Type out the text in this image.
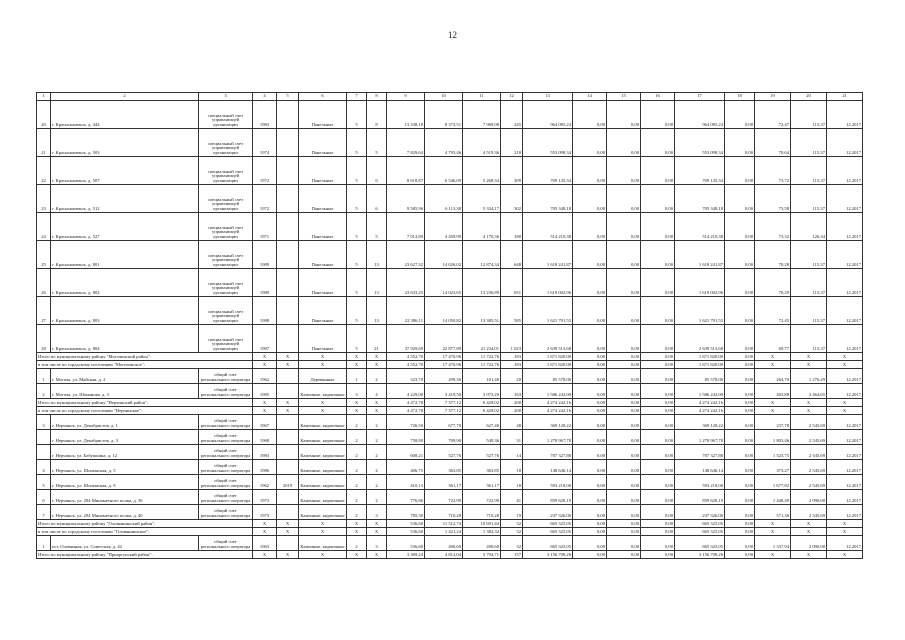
12
1	2	3	4	5	6	7	8	9	10	11	12	13	14	15	16	17	18	19	20	21
20	г. Краснокаменск, д. 444	специальный счет управляющей организации	1983		Панельные	5	8	13 338,18	8 373,51	7 969,08	245	964 085,24	0,00	0,00	0,00	964 085,24	0,00	72,47	115,37	12.2017
21	г. Краснокаменск, д. 503	специальный счет управляющей организации	1974		Панельные	5	5	7 829,64	4 793,46	4 519,36	218	553 098,34	0,00	0,00	0,00	553 098,34	0,00	70,64	115,37	12.2017
22	г. Краснокаменск, д. 507	специальный счет управляющей организации	1972		Панельные	5	6	8 618,87	6 546,09	5 268,34	309	709 145,34	0,00	0,00	0,00	709 145,34	0,00	73,72	115,37	12.2017
23	г. Краснокаменск, д. 512	специальный счет управляющей организации	1972		Панельные	5	6	9 585,96	6 113,38	5 334,17	302	705 348,18	0,00	0,00	0,00	705 348,18	0,00	73,58	115,37	12.2017
24	г. Краснокаменск, д. 527	специальный счет управляющей организации	1971		Панельные	5	5	7 012,89	4 459,99	4 170,36	180	514 210,38	0,00	0,00	0,00	514 210,38	0,00	73,32	126,34	12.2017
25	г. Краснокаменск, д. 801	специальный счет управляющей организации	1989		Панельные	5	13	23 627,32	14 026,02	12 874,34	648	1 618 241,87	0,00	0,00	0,00	1 618 241,87	0,00	70,28	115,37	12.2017
26	г. Краснокаменск, д. 802	специальный счет управляющей организации	1989		Панельные	5	13	23 633,25	14 023,65	13 236,89	651	1 619 002,96	0,00	0,00	0,00	1 619 002,96	0,00	70,29	115,37	12.2017
27	г. Краснокаменск, д. 803	специальный счет управляющей организации	1988		Панельные	5	13	22 386,11	14 050,82	13 385,51	585	1 621 791,55	0,00	0,00	0,00	1 621 791,55	0,00	72,45	115,37	12.2017
28	г. Краснокаменск, д. 804	специальный счет управляющей организации	1987		Панельные	5	21	37 929,69	22 877,89	21 234,01	1 023	2 639 513,68	0,00	0,00	0,00	2 639 513,68	0,00	69,77	115,37	12.2017
Итого по муниципальному району "Могочинский район":			X	X	X	X	X	4 552,70	17 470,96	11 722,76	183	1 671 820,00	0,00	0,00	0,00	1 671 820,00	0,00	X	X	X
в том числе по городскому поселению "Могочинское":			X	X	X	X	X	4 552,70	17 470,96	11 722,76	183	1 671 820,00	0,00	0,00	0,00	1 671 820,00	0,00	X	X	X
1	г. Могоча, ул. Майская, д. 2	общий счет регионального оператора	1962		Деревянные	1	2	323,70	299,30	101,40	20	85 578,00	0,00	0,00	0,00	85 578,00	0,00	264,70	1 276,29	12.2017
2	г. Могоча, ул. Шаманова, д. 3	общий счет регионального оператора	1985		Каменные, кирпичные	3	4	4 229,00	3 419,50	3 073,20	163	1 586 242,00	0,00	0,00	0,00	1 586 242,00	0,00	403,88	3 464,65	12.2017
Итого по муниципальному району "Нерчинский район":			X	X	X	X	X	4 472,78	7 377,12	6 429,02	200	4 274 242,16	0,00	0,00	0,00	4 274 242,16	0,00	X	X	X
в том числе по городскому поселению "Нерчинское":			X	X	X	X	X	4 472,78	7 377,12	6 429,02	200	4 274 242,16	0,00	0,00	0,00	4 274 242,16	0,00	X	X	X
3	г. Нерчинск, ул. Декабристов, д. 1	общий счет регионального оператора	1967		Каменные, кирпичные	2	2	726,50	677,70	627,40	48	369 128,22	0,00	0,00	0,00	369 128,22	0,00	237,78	2 545,69	12.2017
	г. Нерчинск, ул. Декабристов, д. 3	общий счет регионального оператора	1968		Каменные, кирпичные	2	2	758,80	709,90	549,36	31	1 278 967,78	0,00	0,00	0,00	1 278 967,78	0,00	1 803,46	2 545,69	12.2017
	г. Нерчинск, ул. Бабушкина, д. 12	общий счет регионального оператора	1983		Каменные, кирпичные	2	2	608,21	527,76	527,76	14	787 327,88	0,00	0,00	0,00	787 327,88	0,00	1 523,75	2 545,69	12.2017
4	г. Нерчинск, ул. Шилинская, д. 5	общий счет регионального оператора	1986		Каменные, кирпичные	2	2	406,75	363,85	363,85	18	148 646,14	0,00	0,00	0,00	148 646,14	0,00	373,27	2 545,69	12.2017
5	г. Нерчинск, ул. Шилинская, д. 9	общий счет регионального оператора	1962	2019	Каменные, кирпичные	2	2	410,13	361,17	361,17	18	593 218,00	0,00	0,00	0,00	593 218,00	0,00	1 677,82	2 545,69	12.2017
6	г. Нерчинск, ул. 294 Минометного полка, д. 36	общий счет регионального оператора	1973		Каменные, кирпичные	2	2	776,86	722,99	722,99	41	859 628,19	0,00	0,00	0,00	859 628,19	0,00	1 448,49	2 090,00	12.2017
7	г. Нерчинск, ул. 294 Минометного полка, д. 40	общий счет регионального оператора	1973		Каменные, кирпичные	2	3	785,30	710,28	710,28	19	237 326,00	0,00	0,00	0,00	237 326,00	0,00	571,36	2 545,69	12.2017
Итого по муниципальному району "Оловяннинский район":			X	X	X	X	X	536,60	11 512,74	10 691,44	32	665 325,05	0,00	0,00	0,00	665 325,05	0,00	X	X	X
в том числе по городскому поселению "Оловяннинское":			X	X	X	X	X	536,60	1 421,24	1 382,32	32	665 325,05	0,00	0,00	0,00	665 325,05	0,00	X	X	X
1	пгт. Оловянная, ул. Советская, д. 42	общий счет регионального оператора	1963		Каменные, кирпичные	2	3	536,60	490,60	490,60	32	665 325,05	0,00	0,00	0,00	665 325,05	0,00	1 337,94	2 090,00	12.2017
Итого по муниципальному району "Приаргунский район":			X	X	X	X	X	3 309,24	4 812,04	3 794,71	157	3 156 708,26	0,00	0,00	0,00	3 156 708,26	0,00	X	X	X
